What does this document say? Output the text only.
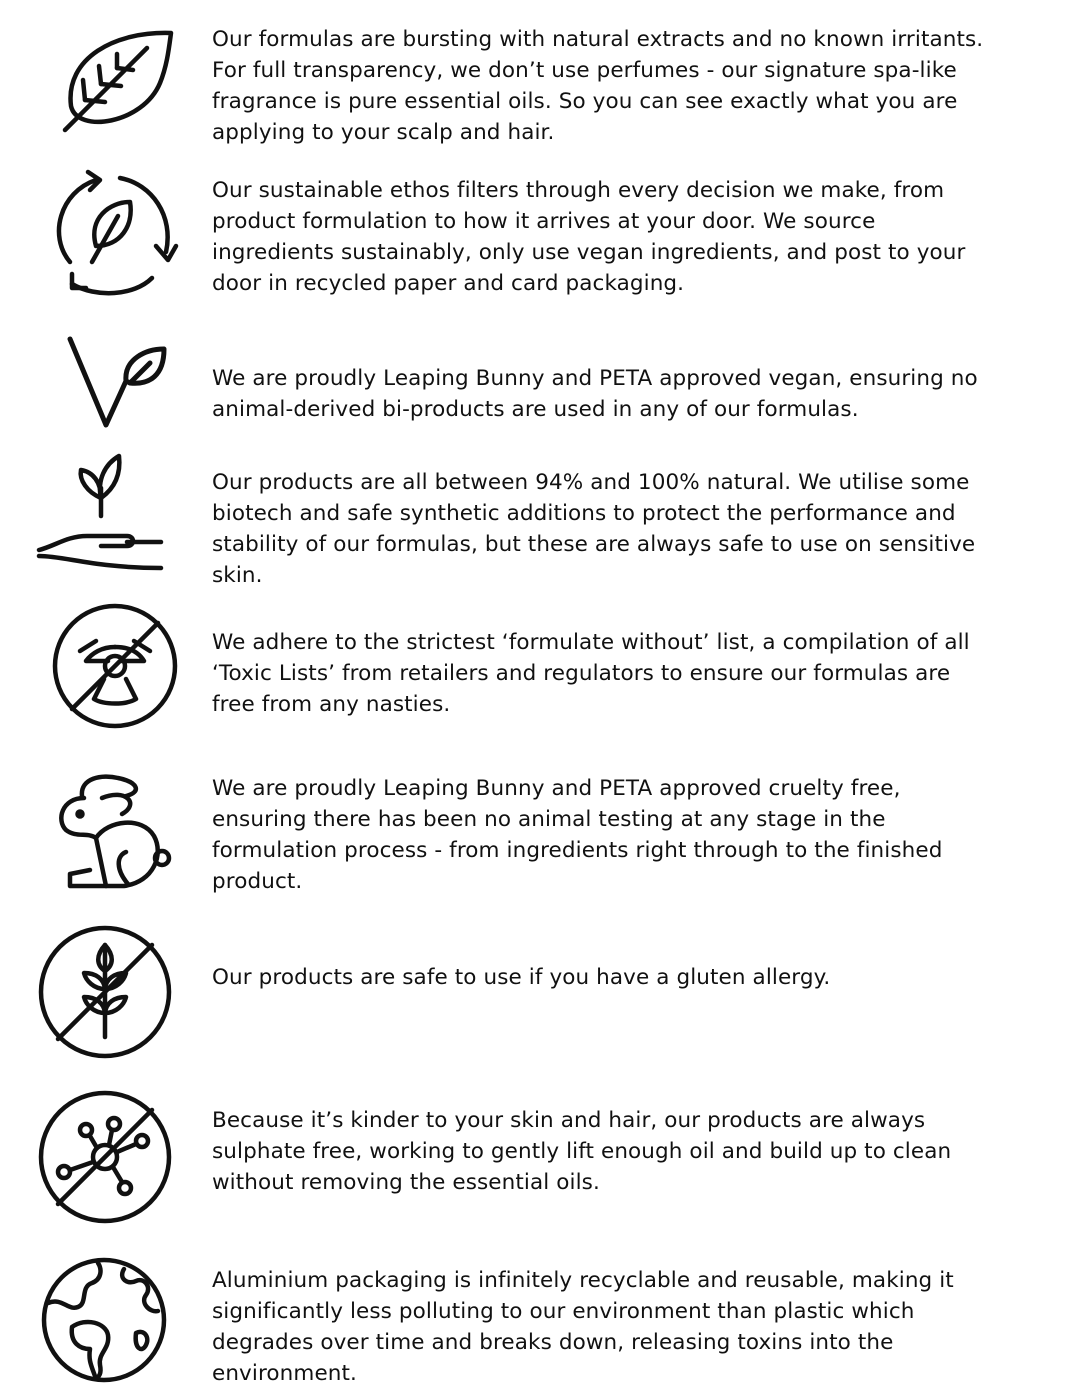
Our formulas are bursting with natural extracts and no known irritants. For full transparency, we don’t use perfumes - our signature spa-like fragrance is pure essential oils. So you can see exactly what you are applying to your scalp and hair.

Our sustainable ethos filters through every decision we make, from product formulation to how it arrives at your door. We source ingredients sustainably, only use vegan ingredients, and post to your door in recycled paper and card packaging.

We are proudly Leaping Bunny and PETA approved vegan, ensuring no animal-derived bi-products are used in any of our formulas.

Our products are all between 94% and 100% natural. We utilise some biotech and safe synthetic additions to protect the performance and stability of our formulas, but these are always safe to use on sensitive skin.

We adhere to the strictest ‘formulate without’ list, a compilation of all ‘Toxic Lists’ from retailers and regulators to ensure our formulas are free from any nasties.

We are proudly Leaping Bunny and PETA approved cruelty free, ensuring there has been no animal testing at any stage in the formulation process - from ingredients right through to the finished product.

Our products are safe to use if you have a gluten allergy.

Because it’s kinder to your skin and hair, our products are always sulphate free, working to gently lift enough oil and build up to clean without removing the essential oils.

Aluminium packaging is infinitely recyclable and reusable, making it significantly less polluting to our environment than plastic which degrades over time and breaks down, releasing toxins into the environment.
